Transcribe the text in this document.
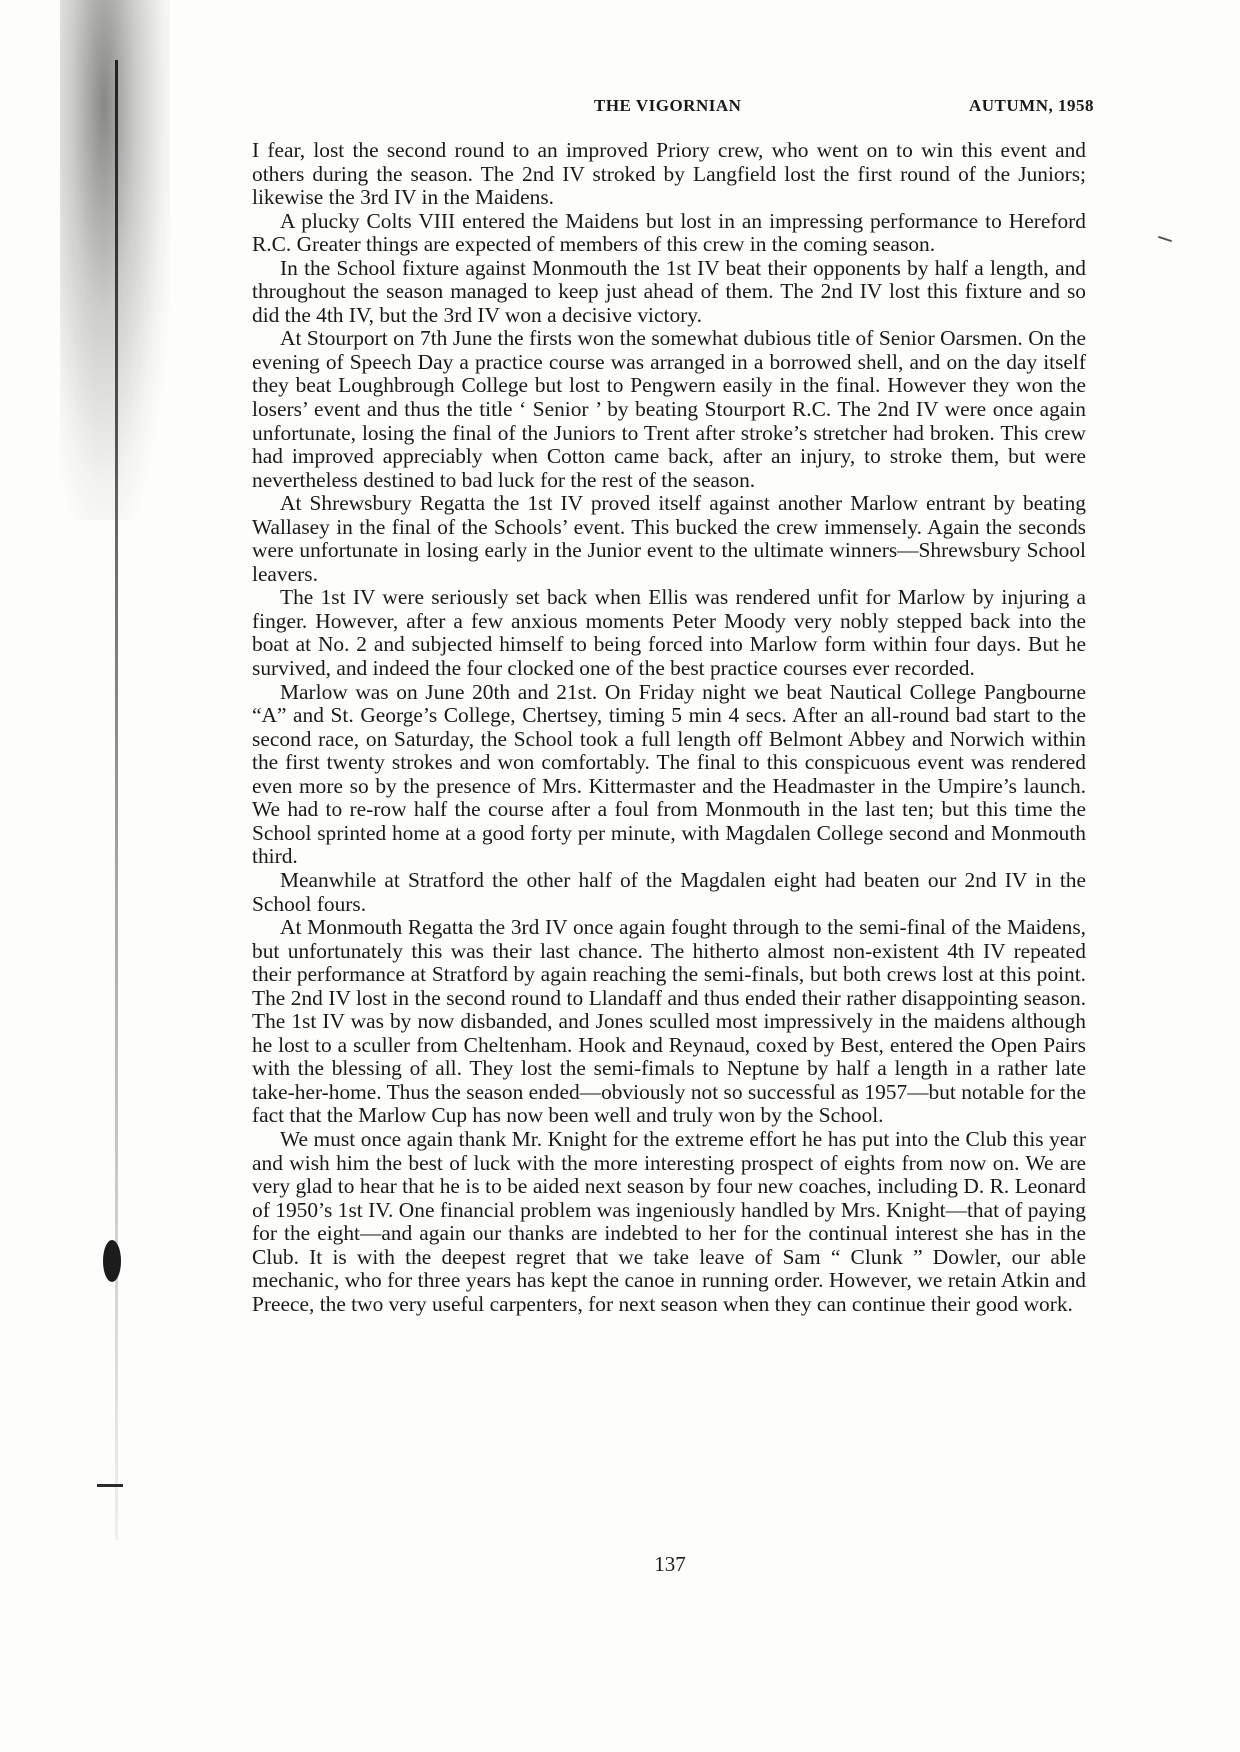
THE VIGORNIAN	AUTUMN, 1958

I fear, lost the second round to an improved Priory crew, who went on to win this event and others during the season. The 2nd IV stroked by Langfield lost the first round of the Juniors; likewise the 3rd IV in the Maidens.

A plucky Colts VIII entered the Maidens but lost in an impressing performance to Hereford R.C. Greater things are expected of members of this crew in the coming season.

In the School fixture against Monmouth the 1st IV beat their opponents by half a length, and throughout the season managed to keep just ahead of them. The 2nd IV lost this fixture and so did the 4th IV, but the 3rd IV won a decisive victory.

At Stourport on 7th June the firsts won the somewhat dubious title of Senior Oarsmen. On the evening of Speech Day a practice course was arranged in a borrowed shell, and on the day itself they beat Loughbrough College but lost to Pengwern easily in the final. However they won the losers’ event and thus the title ‘ Senior ’ by beating Stourport R.C. The 2nd IV were once again unfortunate, losing the final of the Juniors to Trent after stroke’s stretcher had broken. This crew had improved appreciably when Cotton came back, after an injury, to stroke them, but were nevertheless destined to bad luck for the rest of the season.

At Shrewsbury Regatta the 1st IV proved itself against another Marlow entrant by beating Wallasey in the final of the Schools’ event. This bucked the crew immensely. Again the seconds were unfortunate in losing early in the Junior event to the ultimate winners—Shrewsbury School leavers.

The 1st IV were seriously set back when Ellis was rendered unfit for Marlow by injuring a finger. However, after a few anxious moments Peter Moody very nobly stepped back into the boat at No. 2 and subjected himself to being forced into Marlow form within four days. But he survived, and indeed the four clocked one of the best practice courses ever recorded.

Marlow was on June 20th and 21st. On Friday night we beat Nautical College Pangbourne “A” and St. George’s College, Chertsey, timing 5 min 4 secs. After an all-round bad start to the second race, on Saturday, the School took a full length off Belmont Abbey and Norwich within the first twenty strokes and won comfortably. The final to this conspicuous event was rendered even more so by the presence of Mrs. Kittermaster and the Headmaster in the Umpire’s launch. We had to re-row half the course after a foul from Monmouth in the last ten; but this time the School sprinted home at a good forty per minute, with Magdalen College second and Monmouth third.

Meanwhile at Stratford the other half of the Magdalen eight had beaten our 2nd IV in the School fours.

At Monmouth Regatta the 3rd IV once again fought through to the semi-final of the Maidens, but unfortunately this was their last chance. The hitherto almost non-existent 4th IV repeated their performance at Stratford by again reaching the semi-finals, but both crews lost at this point. The 2nd IV lost in the second round to Llandaff and thus ended their rather disappointing season. The 1st IV was by now disbanded, and Jones sculled most impressively in the maidens although he lost to a sculler from Cheltenham. Hook and Reynaud, coxed by Best, entered the Open Pairs with the blessing of all. They lost the semi-fimals to Neptune by half a length in a rather late take-her-home. Thus the season ended—obviously not so successful as 1957—but notable for the fact that the Marlow Cup has now been well and truly won by the School.

We must once again thank Mr. Knight for the extreme effort he has put into the Club this year and wish him the best of luck with the more interesting prospect of eights from now on. We are very glad to hear that he is to be aided next season by four new coaches, including D. R. Leonard of 1950’s 1st IV. One financial problem was ingeniously handled by Mrs. Knight—that of paying for the eight—and again our thanks are indebted to her for the continual interest she has in the Club. It is with the deepest regret that we take leave of Sam “ Clunk ” Dowler, our able mechanic, who for three years has kept the canoe in running order. However, we retain Atkin and Preece, the two very useful carpenters, for next season when they can continue their good work.

137
